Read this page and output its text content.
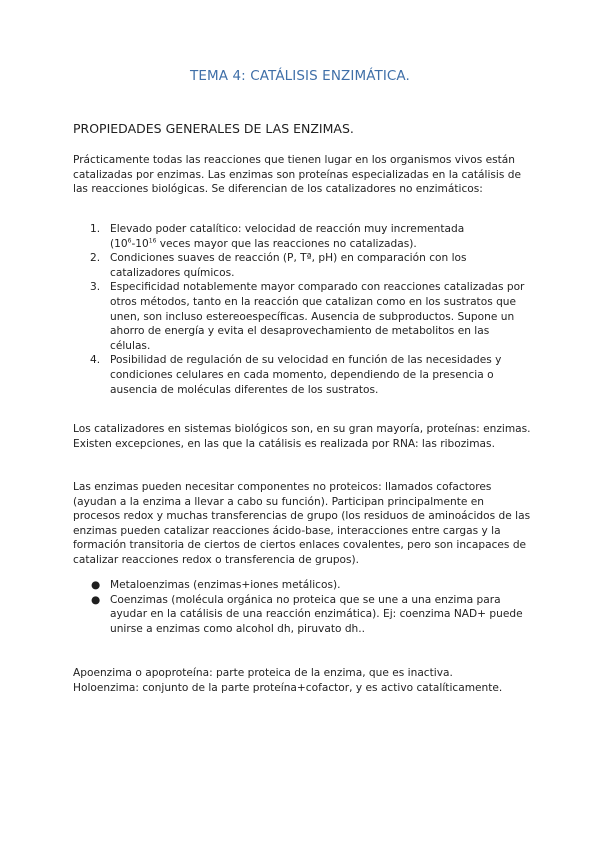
TEMA 4: CATÁLISIS ENZIMÁTICA.
PROPIEDADES GENERALES DE LAS ENZIMAS.
Prácticamente todas las reacciones que tienen lugar en los organismos vivos están catalizadas por enzimas. Las enzimas son proteínas especializadas en la catálisis de las reacciones biológicas. Se diferencian de los catalizadores no enzimáticos:
1. Elevado poder catalítico: velocidad de reacción muy incrementada
($10^6-10^{16}$ veces mayor que las reacciones no catalizadas).
2. Condiciones suaves de reacción (P, Tª, pH) en comparación con los catalizadores químicos.
3. Especificidad notablemente mayor comparado con reacciones catalizadas por otros métodos, tanto en la reacción que catalizan como en los sustratos que unen, son incluso estereoespecíficas. Ausencia de subproductos. Supone un ahorro de energía y evita el desaprovechamiento de metabolitos en las células.
4. Posibilidad de regulación de su velocidad en función de las necesidades y condiciones celulares en cada momento, dependiendo de la presencia o ausencia de moléculas diferentes de los sustratos.
Los catalizadores en sistemas biológicos son, en su gran mayoría, proteínas: enzimas. Existen excepciones, en las que la catálisis es realizada por RNA: las ribozimas.
Las enzimas pueden necesitar componentes no proteicos: llamados cofactores (ayudan a la enzima a llevar a cabo su función). Participan principalmente en procesos redox y muchas transferencias de grupo (los residuos de aminoácidos de las enzimas pueden catalizar reacciones ácido-base, interacciones entre cargas y la formación transitoria de ciertos de ciertos enlaces covalentes, pero son incapaces de catalizar reacciones redox o transferencia de grupos).
● Metaloenzimas (enzimas+iones metálicos).
● Coenzimas (molécula orgánica no proteica que se une a una enzima para ayudar en la catálisis de una reacción enzimática). Ej: coenzima NAD+ puede unirse a enzimas como alcohol dh, piruvato dh..
Apoenzima o apoproteína: parte proteica de la enzima, que es inactiva.
Holoenzima: conjunto de la parte proteína+cofactor, y es activo catalíticamente.
